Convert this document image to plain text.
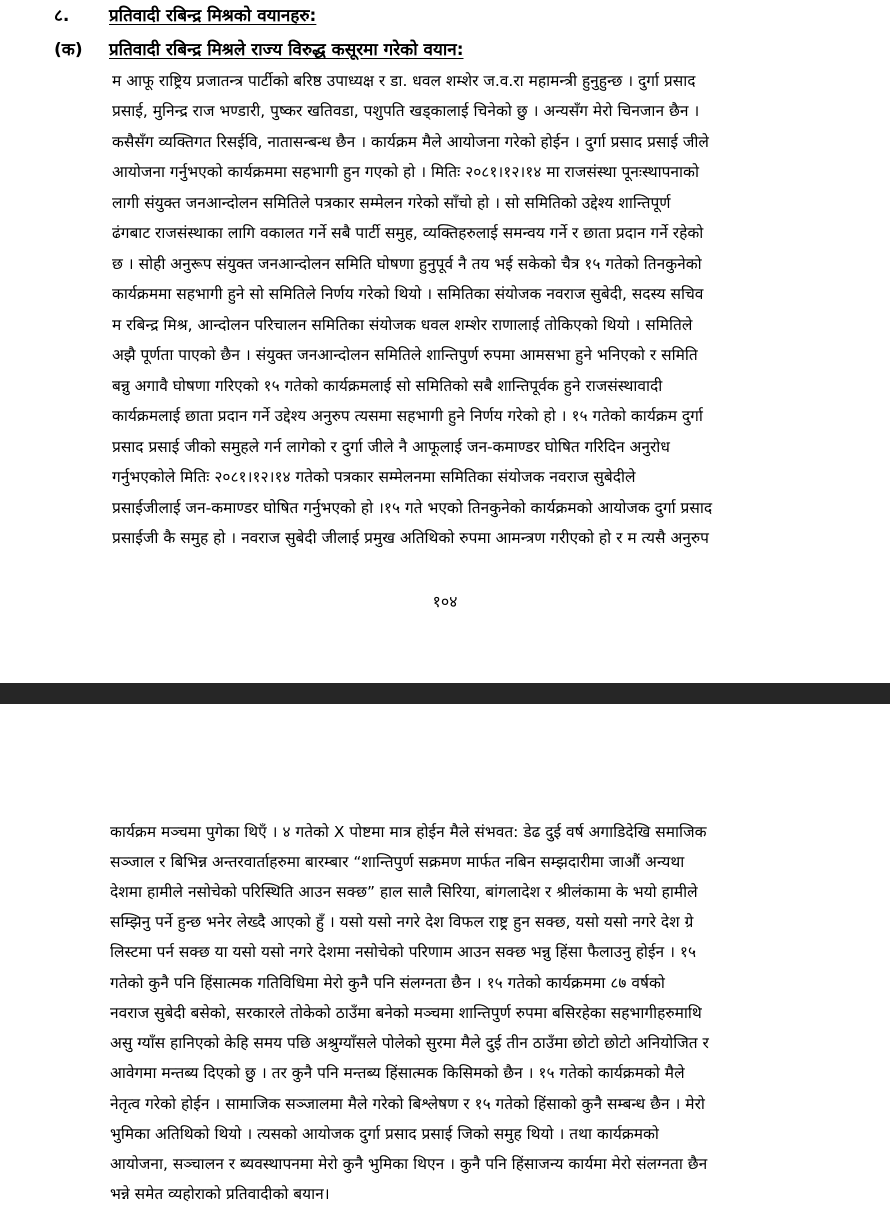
८. प्रतिवादी रबिन्द्र मिश्रको वयानहरु:
(क) प्रतिवादी रबिन्द्र मिश्रले राज्य विरुद्ध कसूरमा गरेको वयान:
म आफू राष्ट्रिय प्रजातन्त्र पार्टीको बरिष्ठ उपाध्यक्ष र डा. धवल शम्शेर ज.व.रा महामन्त्री हुनुहुन्छ । दुर्गा प्रसाद
प्रसाई, मुनिन्द्र राज भण्डारी, पुष्कर खतिवडा, पशुपति खड्कालाई चिनेको छु । अन्यसँग मेरो चिनजान छैन ।
कसैसँग व्यक्तिगत रिसईवि, नातासन्बन्ध छैन । कार्यक्रम मैले आयोजना गरेको होईन । दुर्गा प्रसाद प्रसाई जीले
आयोजना गर्नुभएको कार्यक्रममा सहभागी हुन गएको हो । मितिः २०८१।१२।१४ मा राजसंस्था पूनःस्थापनाको
लागी संयुक्त जनआन्दोलन समितिले पत्रकार सम्मेलन गरेको साँचो हो । सो समितिको उद्देश्य शान्तिपूर्ण
ढंगबाट राजसंस्थाका लागि वकालत गर्ने सबै पार्टी समुह, व्यक्तिहरुलाई समन्वय गर्ने र छाता प्रदान गर्ने रहेको
छ । सोही अनुरूप संयुक्त जनआन्दोलन समिति घोषणा हुनुपूर्व नै तय भई सकेको चैत्र १५ गतेको तिनकुनेको
कार्यक्रममा सहभागी हुने सो समितिले निर्णय गरेको थियो । समितिका संयोजक नवराज सुबेदी, सदस्य सचिव
म रबिन्द्र मिश्र, आन्दोलन परिचालन समितिका संयोजक धवल शम्शेर राणालाई तोकिएको थियो । समितिले
अझै पूर्णता पाएको छैन । संयुक्त जनआन्दोलन समितिले शान्तिपुर्ण रुपमा आमसभा हुने भनिएको र समिति
बन्नु अगावै घोषणा गरिएको १५ गतेको कार्यक्रमलाई सो समितिको सबै शान्तिपूर्वक हुने राजसंस्थावादी
कार्यक्रमलाई छाता प्रदान गर्ने उद्देश्य अनुरुप त्यसमा सहभागी हुने निर्णय गरेको हो । १५ गतेको कार्यक्रम दुर्गा
प्रसाद प्रसाई जीको समुहले गर्न लागेको र दुर्गा जीले नै आफूलाई जन-कमाण्डर घोषित गरिदिन अनुरोध
गर्नुभएकोले मितिः २०८१।१२।१४ गतेको पत्रकार सम्मेलनमा समितिका संयोजक नवराज सुबेदीले
प्रसाईजीलाई जन-कमाण्डर घोषित गर्नुभएको हो ।१५ गते भएको तिनकुनेको कार्यक्रमको आयोजक दुर्गा प्रसाद
प्रसाईजी कै समुह हो । नवराज सुबेदी जीलाई प्रमुख अतिथिको रुपमा आमन्त्रण गरीएको हो र म त्यसै अनुरुप
१०४
कार्यक्रम मञ्चमा पुगेका थिएँ । ४ गतेको X पोष्टमा मात्र होईन मैले संभवत: डेढ दुई वर्ष अगाडिदेखि समाजिक
सञ्जाल र बिभिन्न अन्तरवार्ताहरुमा बारम्बार “शान्तिपुर्ण सक्रमण मार्फत नबिन सम्झदारीमा जाऔं अन्यथा
देशमा हामीले नसोचेको परिस्थिति आउन सक्छ” हाल सालै सिरिया, बांगलादेश र श्रीलंकामा के भयो हामीले
सम्झिनु पर्ने हुन्छ भनेर लेख्दै आएको हुँ । यसो यसो नगरे देश विफल राष्ट्र हुन सक्छ, यसो यसो नगरे देश ग्रे
लिस्टमा पर्न सक्छ या यसो यसो नगरे देशमा नसोचेको परिणाम आउन सक्छ भन्नु हिंसा फैलाउनु होईन । १५
गतेको कुनै पनि हिंसात्मक गतिविधिमा मेरो कुनै पनि संलग्नता छैन । १५ गतेको कार्यक्रममा ८७ वर्षको
नवराज सुबेदी बसेको, सरकारले तोकेको ठाउँमा बनेको मञ्चमा शान्तिपुर्ण रुपमा बसिरहेका सहभागीहरुमाथि
असु ग्याँस हानिएको केहि समय पछि अश्रुग्याँसले पोलेको सुरमा मैले दुई तीन ठाउँमा छोटो छोटो अनियोजित र
आवेगमा मन्तब्य दिएको छु । तर कुनै पनि मन्तब्य हिंसात्मक किसिमको छैन । १५ गतेको कार्यक्रमको मैले
नेतृत्व गरेको होईन । सामाजिक सञ्जालमा मैले गरेको बिश्लेषण र १५ गतेको हिंसाको कुनै सम्बन्ध छैन । मेरो
भुमिका अतिथिको थियो । त्यसको आयोजक दुर्गा प्रसाद प्रसाई जिको समुह थियो । तथा कार्यक्रमको
आयोजना, सञ्चालन र ब्यवस्थापनमा मेरो कुनै भुमिका थिएन । कुनै पनि हिंसाजन्य कार्यमा मेरो संलग्नता छैन
भन्ने समेत व्यहोराको प्रतिवादीको बयान।
